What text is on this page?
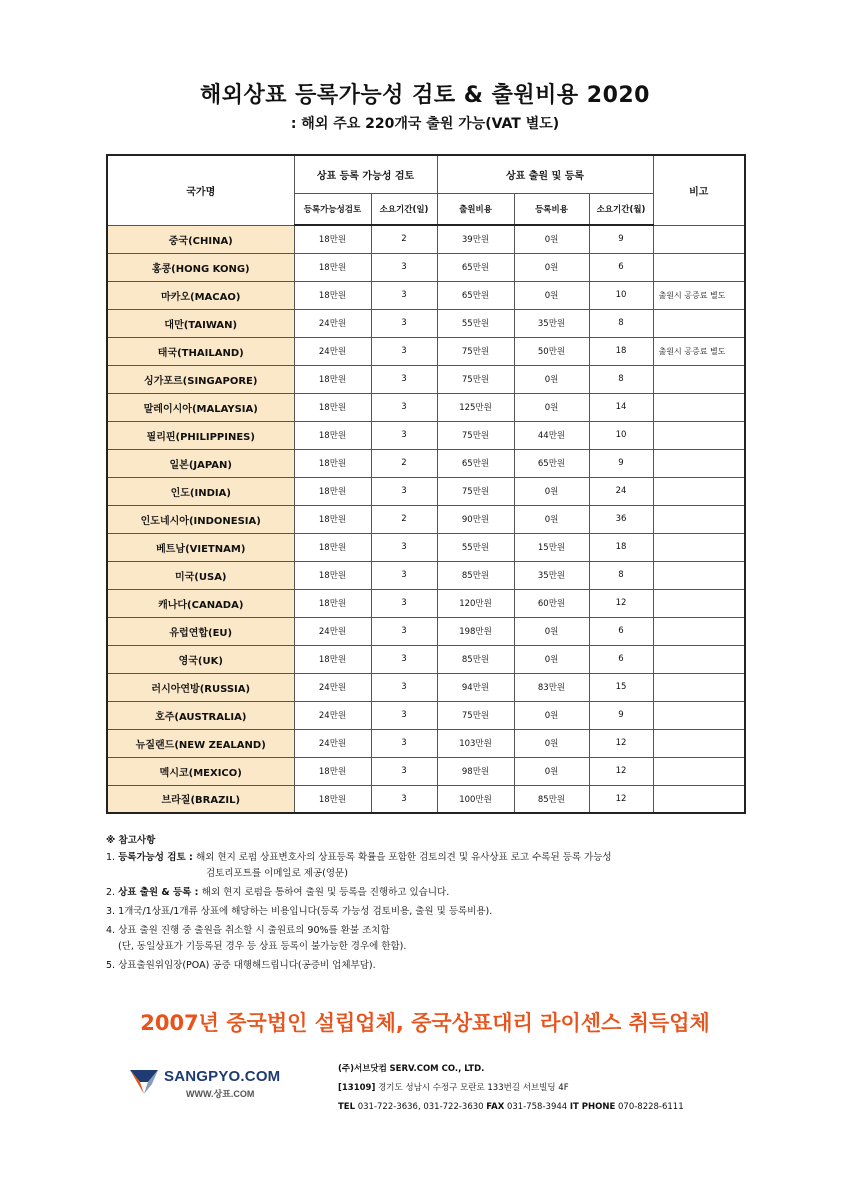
해외상표 등록가능성 검토 & 출원비용 2020
: 해외 주요 220개국 출원 가능(VAT 별도)
국가명	상표 등록 가능성 검토		상표 출원 및 등록			비고
	등록가능성검토	소요기간(일)	출원비용	등록비용	소요기간(월)	
중국(CHINA)	18만원	2	39만원	0원	9	
홍콩(HONG KONG)	18만원	3	65만원	0원	6	
마카오(MACAO)	18만원	3	65만원	0원	10	출원시 공증료 별도
대만(TAIWAN)	24만원	3	55만원	35만원	8	
태국(THAILAND)	24만원	3	75만원	50만원	18	출원시 공증료 별도
싱가포르(SINGAPORE)	18만원	3	75만원	0원	8	
말레이시아(MALAYSIA)	18만원	3	125만원	0원	14	
필리핀(PHILIPPINES)	18만원	3	75만원	44만원	10	
일본(JAPAN)	18만원	2	65만원	65만원	9	
인도(INDIA)	18만원	3	75만원	0원	24	
인도네시아(INDONESIA)	18만원	2	90만원	0원	36	
베트남(VIETNAM)	18만원	3	55만원	15만원	18	
미국(USA)	18만원	3	85만원	35만원	8	
캐나다(CANADA)	18만원	3	120만원	60만원	12	
유럽연합(EU)	24만원	3	198만원	0원	6	
영국(UK)	18만원	3	85만원	0원	6	
러시아연방(RUSSIA)	24만원	3	94만원	83만원	15	
호주(AUSTRALIA)	24만원	3	75만원	0원	9	
뉴질랜드(NEW ZEALAND)	24만원	3	103만원	0원	12	
멕시코(MEXICO)	18만원	3	98만원	0원	12	
브라질(BRAZIL)	18만원	3	100만원	85만원	12	
※ 참고사항
1. 등록가능성 검토 : 해외 현지 로펌 상표변호사의 상표등록 확률을 포함한 검토의견 및 유사상표 로고 수록된 등록 가능성
검토리포트를 이메일로 제공(영문)
2. 상표 출원 & 등록 : 해외 현지 로펌을 통하여 출원 및 등록을 진행하고 있습니다.
3. 1개국/1상표/1개류 상표에 해당하는 비용입니다(등록 가능성 검토비용, 출원 및 등록비용).
4. 상표 출원 진행 중 출원을 취소할 시 출원료의 90%를 환불 조치함
(단, 동일상표가 기등록된 경우 등 상표 등록이 불가능한 경우에 한함).
5. 상표출원위임장(POA) 공증 대행해드립니다(공증비 업체부담).
2007년 중국법인 설립업체, 중국상표대리 라이센스 취득업체
SANGPYO.COM
WWW.상표.COM
(주)서브닷컴 SERV.COM CO., LTD.
[13109] 경기도 성남시 수정구 모란로 133번길 서브빌딩 4F
TEL 031-722-3636, 031-722-3630 FAX 031-758-3944 IT PHONE 070-8228-6111
